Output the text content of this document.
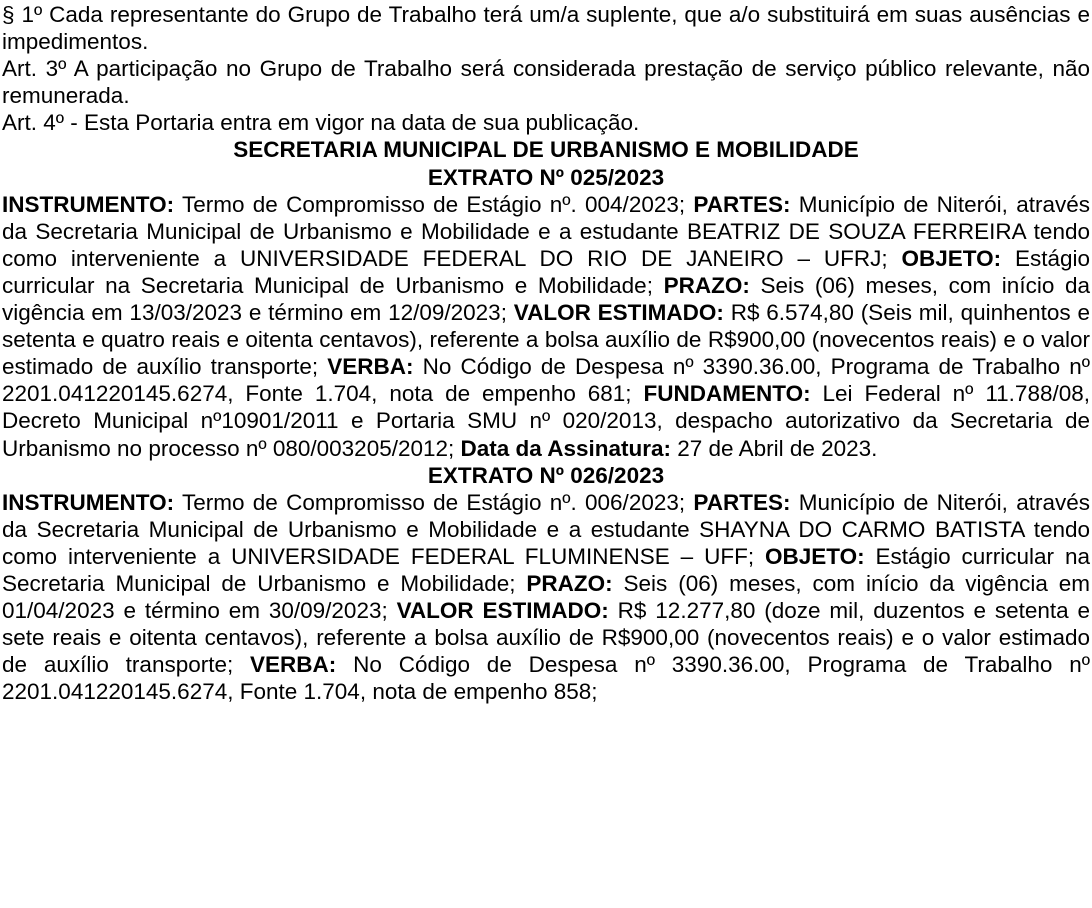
§ 1º Cada representante do Grupo de Trabalho terá um/a suplente, que a/o substituirá em suas ausências e impedimentos.

Art. 3º A participação no Grupo de Trabalho será considerada prestação de serviço público relevante, não remunerada.

Art. 4º - Esta Portaria entra em vigor na data de sua publicação.

SECRETARIA MUNICIPAL DE URBANISMO E MOBILIDADE

EXTRATO Nº 025/2023

INSTRUMENTO: Termo de Compromisso de Estágio nº. 004/2023; PARTES: Município de Niterói, através da Secretaria Municipal de Urbanismo e Mobilidade e a estudante BEATRIZ DE SOUZA FERREIRA tendo como interveniente a UNIVERSIDADE FEDERAL DO RIO DE JANEIRO – UFRJ; OBJETO: Estágio curricular na Secretaria Municipal de Urbanismo e Mobilidade; PRAZO: Seis (06) meses, com início da vigência em 13/03/2023 e término em 12/09/2023; VALOR ESTIMADO: R$ 6.574,80 (Seis mil, quinhentos e setenta e quatro reais e oitenta centavos), referente a bolsa auxílio de R$900,00 (novecentos reais) e o valor estimado de auxílio transporte; VERBA: No Código de Despesa nº 3390.36.00, Programa de Trabalho nº 2201.041220145.6274, Fonte 1.704, nota de empenho 681; FUNDAMENTO: Lei Federal nº 11.788/08, Decreto Municipal nº10901/2011 e Portaria SMU nº 020/2013, despacho autorizativo da Secretaria de Urbanismo no processo nº 080/003205/2012; Data da Assinatura: 27 de Abril de 2023.

EXTRATO Nº 026/2023

INSTRUMENTO: Termo de Compromisso de Estágio nº. 006/2023; PARTES: Município de Niterói, através da Secretaria Municipal de Urbanismo e Mobilidade e a estudante SHAYNA DO CARMO BATISTA tendo como interveniente a UNIVERSIDADE FEDERAL FLUMINENSE – UFF; OBJETO: Estágio curricular na Secretaria Municipal de Urbanismo e Mobilidade; PRAZO: Seis (06) meses, com início da vigência em 01/04/2023 e término em 30/09/2023; VALOR ESTIMADO: R$ 12.277,80 (doze mil, duzentos e setenta e sete reais e oitenta centavos), referente a bolsa auxílio de R$900,00 (novecentos reais) e o valor estimado de auxílio transporte; VERBA: No Código de Despesa nº 3390.36.00, Programa de Trabalho nº 2201.041220145.6274, Fonte 1.704, nota de empenho 858;
